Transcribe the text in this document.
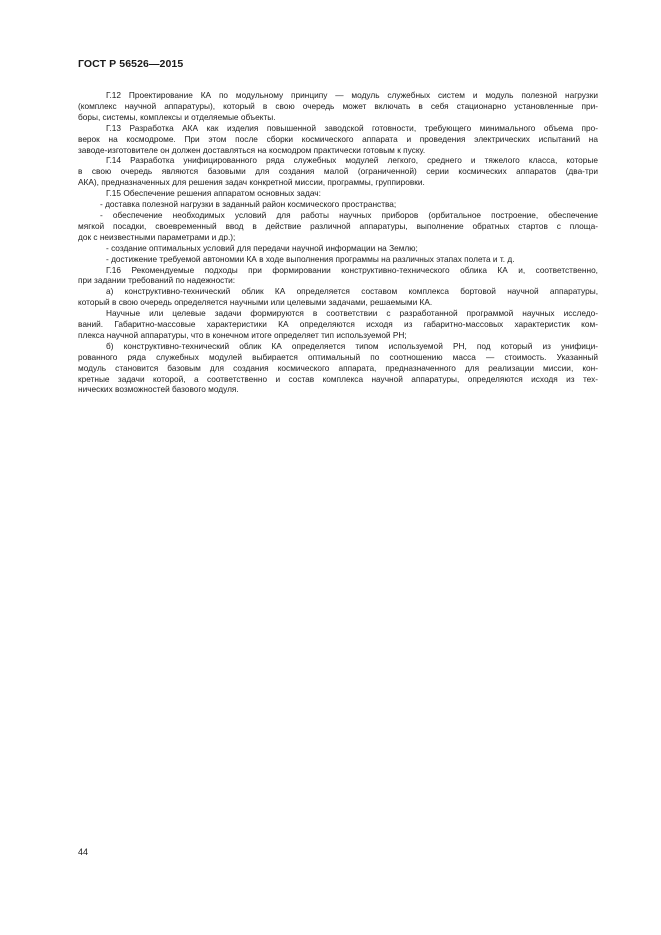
ГОСТ Р 56526—2015
Г.12 Проектирование КА по модульному принципу — модуль служебных систем и модуль полезной нагрузки
(комплекс научной аппаратуры), который в свою очередь может включать в себя стационарно установленные при-
боры, системы, комплексы и отделяемые объекты.
Г.13 Разработка АКА как изделия повышенной заводской готовности, требующего минимального объема про-
верок на космодроме. При этом после сборки космического аппарата и проведения электрических испытаний на
заводе-изготовителе он должен доставляться на космодром практически готовым к пуску.
Г.14 Разработка унифицированного ряда служебных модулей легкого, среднего и тяжелого класса, которые
в свою очередь являются базовыми для создания малой (ограниченной) серии космических аппаратов (два-три
АКА), предназначенных для решения задач конкретной миссии, программы, группировки.
Г.15 Обеспечение решения аппаратом основных задач:
- доставка полезной нагрузки в заданный район космического пространства;
- обеспечение необходимых условий для работы научных приборов (орбитальное построение, обеспечение
мягкой посадки, своевременный ввод в действие различной аппаратуры, выполнение обратных стартов с площа-
док с неизвестными параметрами и др.);
- создание оптимальных условий для передачи научной информации на Землю;
- достижение требуемой автономии КА в ходе выполнения программы на различных этапах полета и т. д.
Г.16 Рекомендуемые подходы при формировании конструктивно-технического облика КА и, соответственно,
при задании требований по надежности:
а) конструктивно-технический облик КА определяется составом комплекса бортовой научной аппаратуры,
который в свою очередь определяется научными или целевыми задачами, решаемыми КА.
Научные или целевые задачи формируются в соответствии с разработанной программой научных исследо-
ваний. Габаритно-массовые характеристики КА определяются исходя из габаритно-массовых характеристик ком-
плекса научной аппаратуры, что в конечном итоге определяет тип используемой РН;
б) конструктивно-технический облик КА определяется типом используемой РН, под который из унифици-
рованного ряда служебных модулей выбирается оптимальный по соотношению масса — стоимость. Указанный
модуль становится базовым для создания космического аппарата, предназначенного для реализации миссии, кон-
кретные задачи которой, а соответственно и состав комплекса научной аппаратуры, определяются исходя из тех-
нических возможностей базового модуля.
44
